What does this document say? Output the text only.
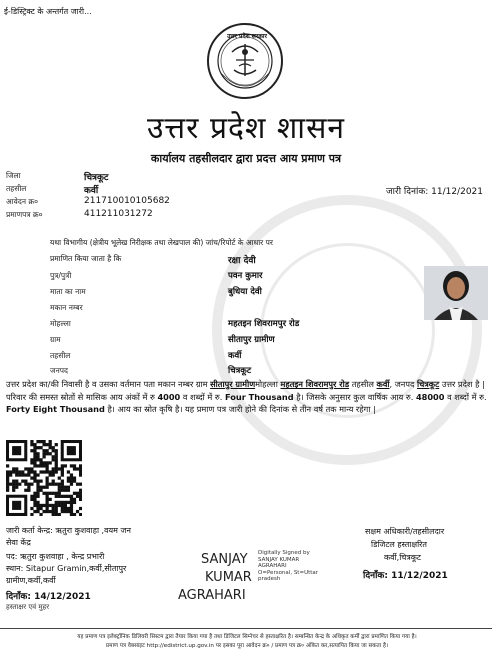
ई-डिस्ट्रिक्ट के अन्तर्गत जारी...
उत्तर प्रदेश सरकार
उत्तर प्रदेश शासन
कार्यालय तहसीलदार द्वारा प्रदत्त आय प्रमाण पत्र
जिला	चित्रकूट
तहसील	कर्वी
आवेदन क्र०	211710010105682
प्रमाणपत्र क्र०	411211031272
जारी दिनांक: 11/12/2021
यथा विभागीय (क्षेत्रीय भूलेख निरीक्षक तथा लेखपाल की) जांच/रिपोर्ट के आधार पर
प्रमाणित किया जाता है कि	रक्षा देवी
पुत्र/पुत्री	पवन कुमार
माता का नाम	बुधिया देवी
मकान नम्बर
मोहल्ला	महतइन शिवरामपुर रोड
ग्राम	सीतापुर ग्रामीण
तहसील	कर्वी
जनपद	चित्रकूट
उत्तर प्रदेश का/की निवासी है व उसका वर्तमान पता मकान नम्बर ग्राम सीतापुर ग्रामीणमोहल्ला महतइन शिवरामपुर रोड तहसील कर्वी, जनपद चित्रकूट उत्तर प्रदेश है | परिवार की समस्त स्रोतों से मासिक आय अंकों में रु 4000 व शब्दों में रु. Four Thousand है। जिसके अनुसार कुल वार्षिक आय रु. 48000 व शब्दों में रु. Forty Eight Thousand है। आय का स्रोत कृषि है। यह प्रमाण पत्र जारी होने की दिनांक से तीन वर्ष तक मान्य रहेगा |
जारी कर्ता केन्द्र: ऋतुरा कुशवाहा ,वयम जन
सेवा केंद्र
पद: ऋतुरा कुशवाहा , केन्द्र प्रभारी
स्थान: Sitapur Gramin,कर्वी,सीतापुर
ग्रामीण,कर्वी,कर्वी
दिनाँक: 14/12/2021
हस्ताक्षर एवं मुहर
SANJAY
KUMAR
AGRAHARI
Digitally Signed by
SANJAY KUMAR
AGRAHARI
O=Personal, St=Uttar
pradesh
सक्षम अधिकारी/तहसीलदार
डिजिटल हस्ताक्षरित
कर्वी,चित्रकूट
दिनाँक: 11/12/2021
यह प्रमाण पत्र इलेक्ट्रॉनिक डिलिवरी सिस्टम द्वारा तैयार किया गया है तथा डिजिटल सिग्नेचर से हस्ताक्षरित है। सम्बन्धित केन्द्र के अधिकृत कर्मी द्वारा प्रमाणित किया गया है।
प्रमाण पत्र वेबसाइट http://edistrict.up.gov.in पर इसका पूरा आवेदन क्र० / प्रमाण पत्र क्र० अंकित कर,सत्यापित किया जा सकता है।
